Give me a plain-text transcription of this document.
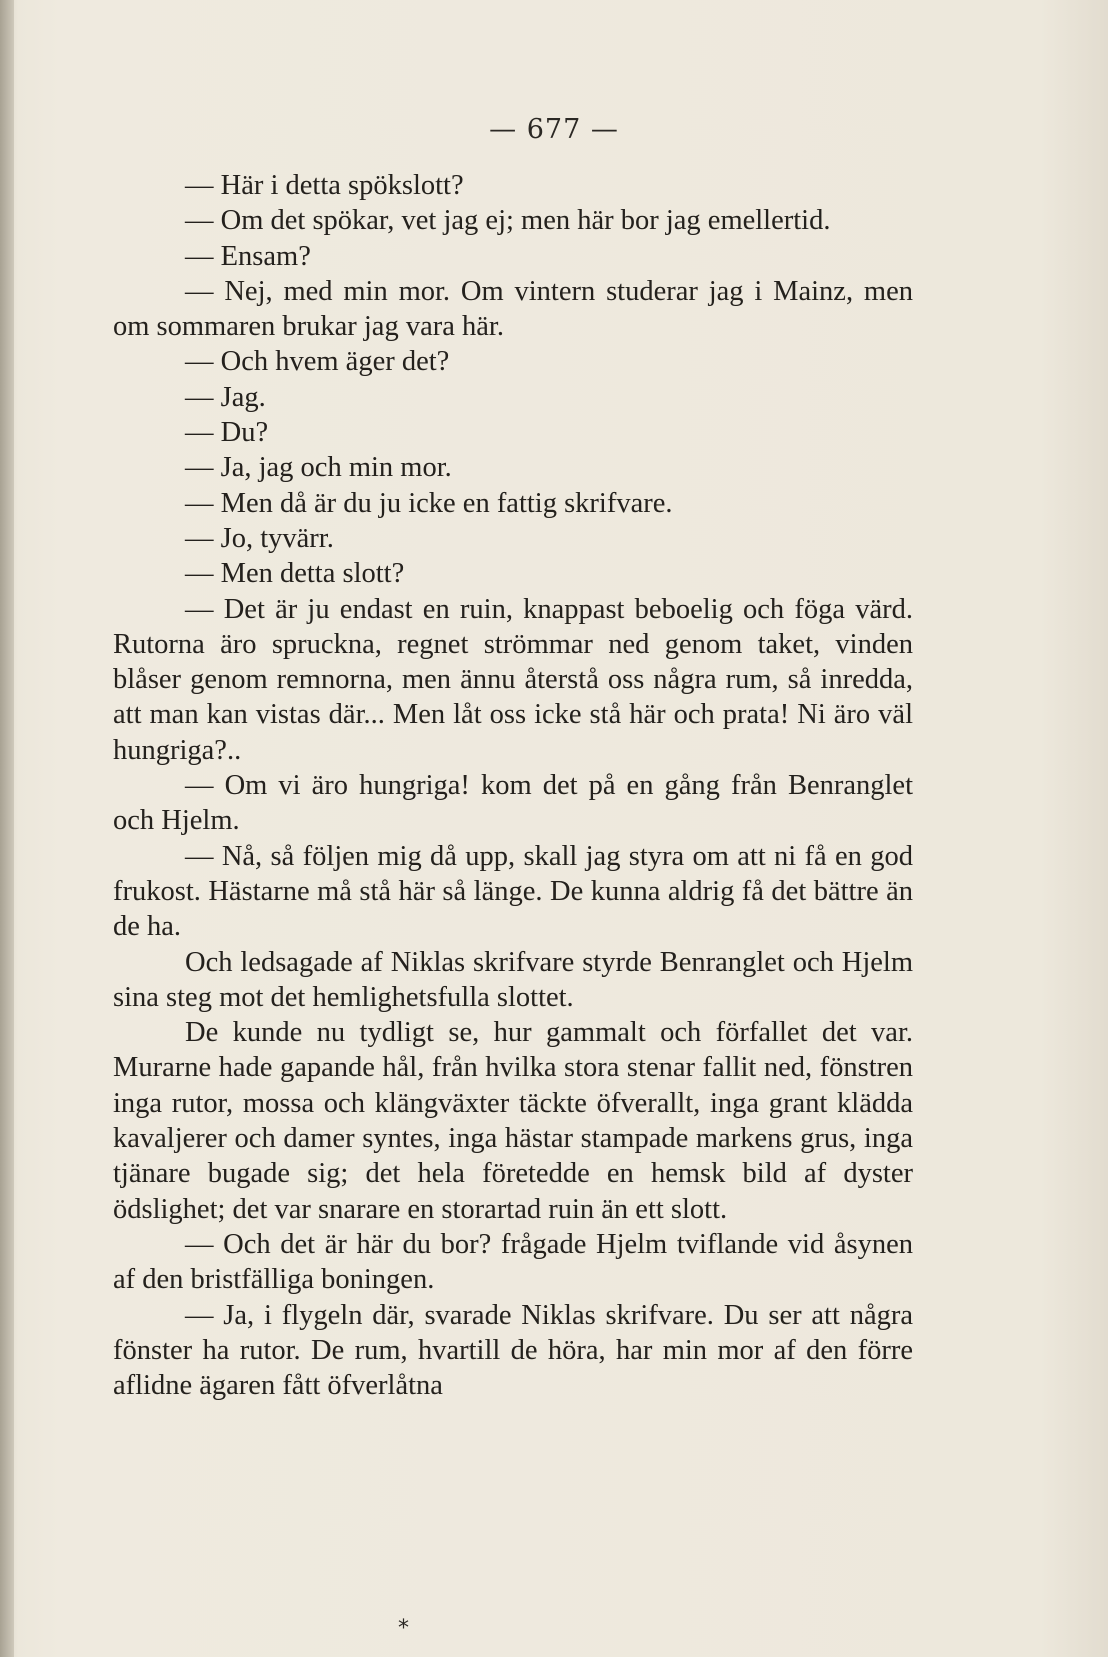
— 677 —

— Här i detta spökslott?

— Om det spökar, vet jag ej; men här bor jag emellertid.

— Ensam?

— Nej, med min mor. Om vintern studerar jag i Mainz, men om sommaren brukar jag vara här.

— Och hvem äger det?

— Jag.

— Du?

— Ja, jag och min mor.

— Men då är du ju icke en fattig skrifvare.

— Jo, tyvärr.

— Men detta slott?

— Det är ju endast en ruin, knappast beboelig och föga värd. Rutorna äro spruckna, regnet strömmar ned genom taket, vinden blåser genom remnorna, men ännu återstå oss några rum, så inredda, att man kan vistas där... Men låt oss icke stå här och prata! Ni äro väl hungriga?..

— Om vi äro hungriga! kom det på en gång från Benranglet och Hjelm.

— Nå, så följen mig då upp, skall jag styra om att ni få en god frukost. Hästarne må stå här så länge. De kunna aldrig få det bättre än de ha.

Och ledsagade af Niklas skrifvare styrde Benranglet och Hjelm sina steg mot det hemlighetsfulla slottet.

De kunde nu tydligt se, hur gammalt och förfallet det var. Murarne hade gapande hål, från hvilka stora stenar fallit ned, fönstren inga rutor, mossa och klängväxter täckte öfverallt, inga grant klädda kavaljerer och damer syntes, inga hästar stampade markens grus, inga tjänare bugade sig; det hela företedde en hemsk bild af dyster ödslighet; det var snarare en storartad ruin än ett slott.

— Och det är här du bor? frågade Hjelm tviflande vid åsynen af den bristfälliga boningen.

— Ja, i flygeln där, svarade Niklas skrifvare. Du ser att några fönster ha rutor. De rum, hvartill de höra, har min mor af den förre aflidne ägaren fått öfverlåtna

*
